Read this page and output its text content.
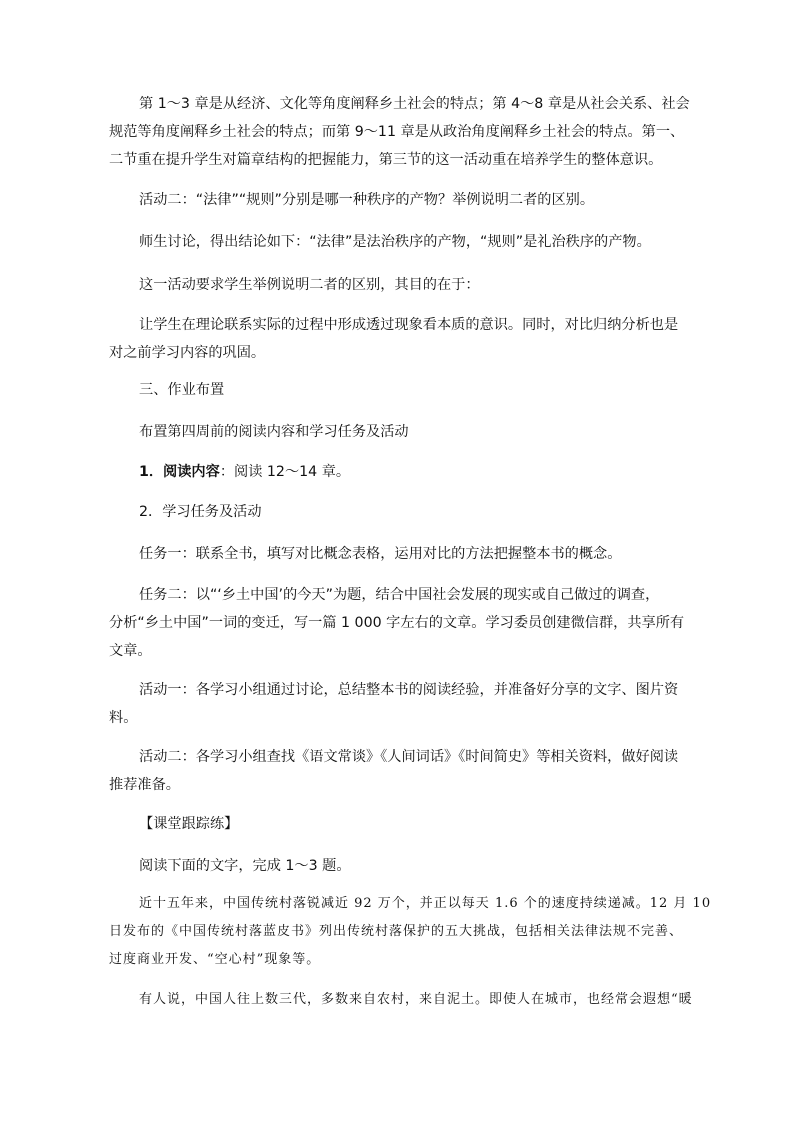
第 1～3 章是从经济、文化等角度阐释乡土社会的特点；第 4～8 章是从社会关系、社会
规范等角度阐释乡土社会的特点；而第 9～11 章是从政治角度阐释乡土社会的特点。第一、
二节重在提升学生对篇章结构的把握能力，第三节的这一活动重在培养学生的整体意识。

活动二：“法律”“规则”分别是哪一种秩序的产物？举例说明二者的区别。

师生讨论，得出结论如下：“法律”是法治秩序的产物，“规则”是礼治秩序的产物。

这一活动要求学生举例说明二者的区别，其目的在于：

让学生在理论联系实际的过程中形成透过现象看本质的意识。同时，对比归纳分析也是
对之前学习内容的巩固。

三、作业布置

布置第四周前的阅读内容和学习任务及活动

1．阅读内容：阅读 12～14 章。

2．学习任务及活动

任务一：联系全书，填写对比概念表格，运用对比的方法把握整本书的概念。

任务二：以“‘乡土中国’的今天”为题，结合中国社会发展的现实或自己做过的调查，
分析“乡土中国”一词的变迁，写一篇 1 000 字左右的文章。学习委员创建微信群，共享所有
文章。

活动一：各学习小组通过讨论，总结整本书的阅读经验，并准备好分享的文字、图片资
料。

活动二：各学习小组查找《语文常谈》《人间词话》《时间简史》等相关资料，做好阅读
推荐准备。

【课堂跟踪练】

阅读下面的文字，完成 1～3 题。

近十五年来，中国传统村落锐减近 92 万个，并正以每天 1.6 个的速度持续递减。12 月 10
日发布的《中国传统村落蓝皮书》列出传统村落保护的五大挑战，包括相关法律法规不完善、
过度商业开发、“空心村”现象等。

有人说，中国人往上数三代，多数来自农村，来自泥土。即使人在城市，也经常会遐想“暖
